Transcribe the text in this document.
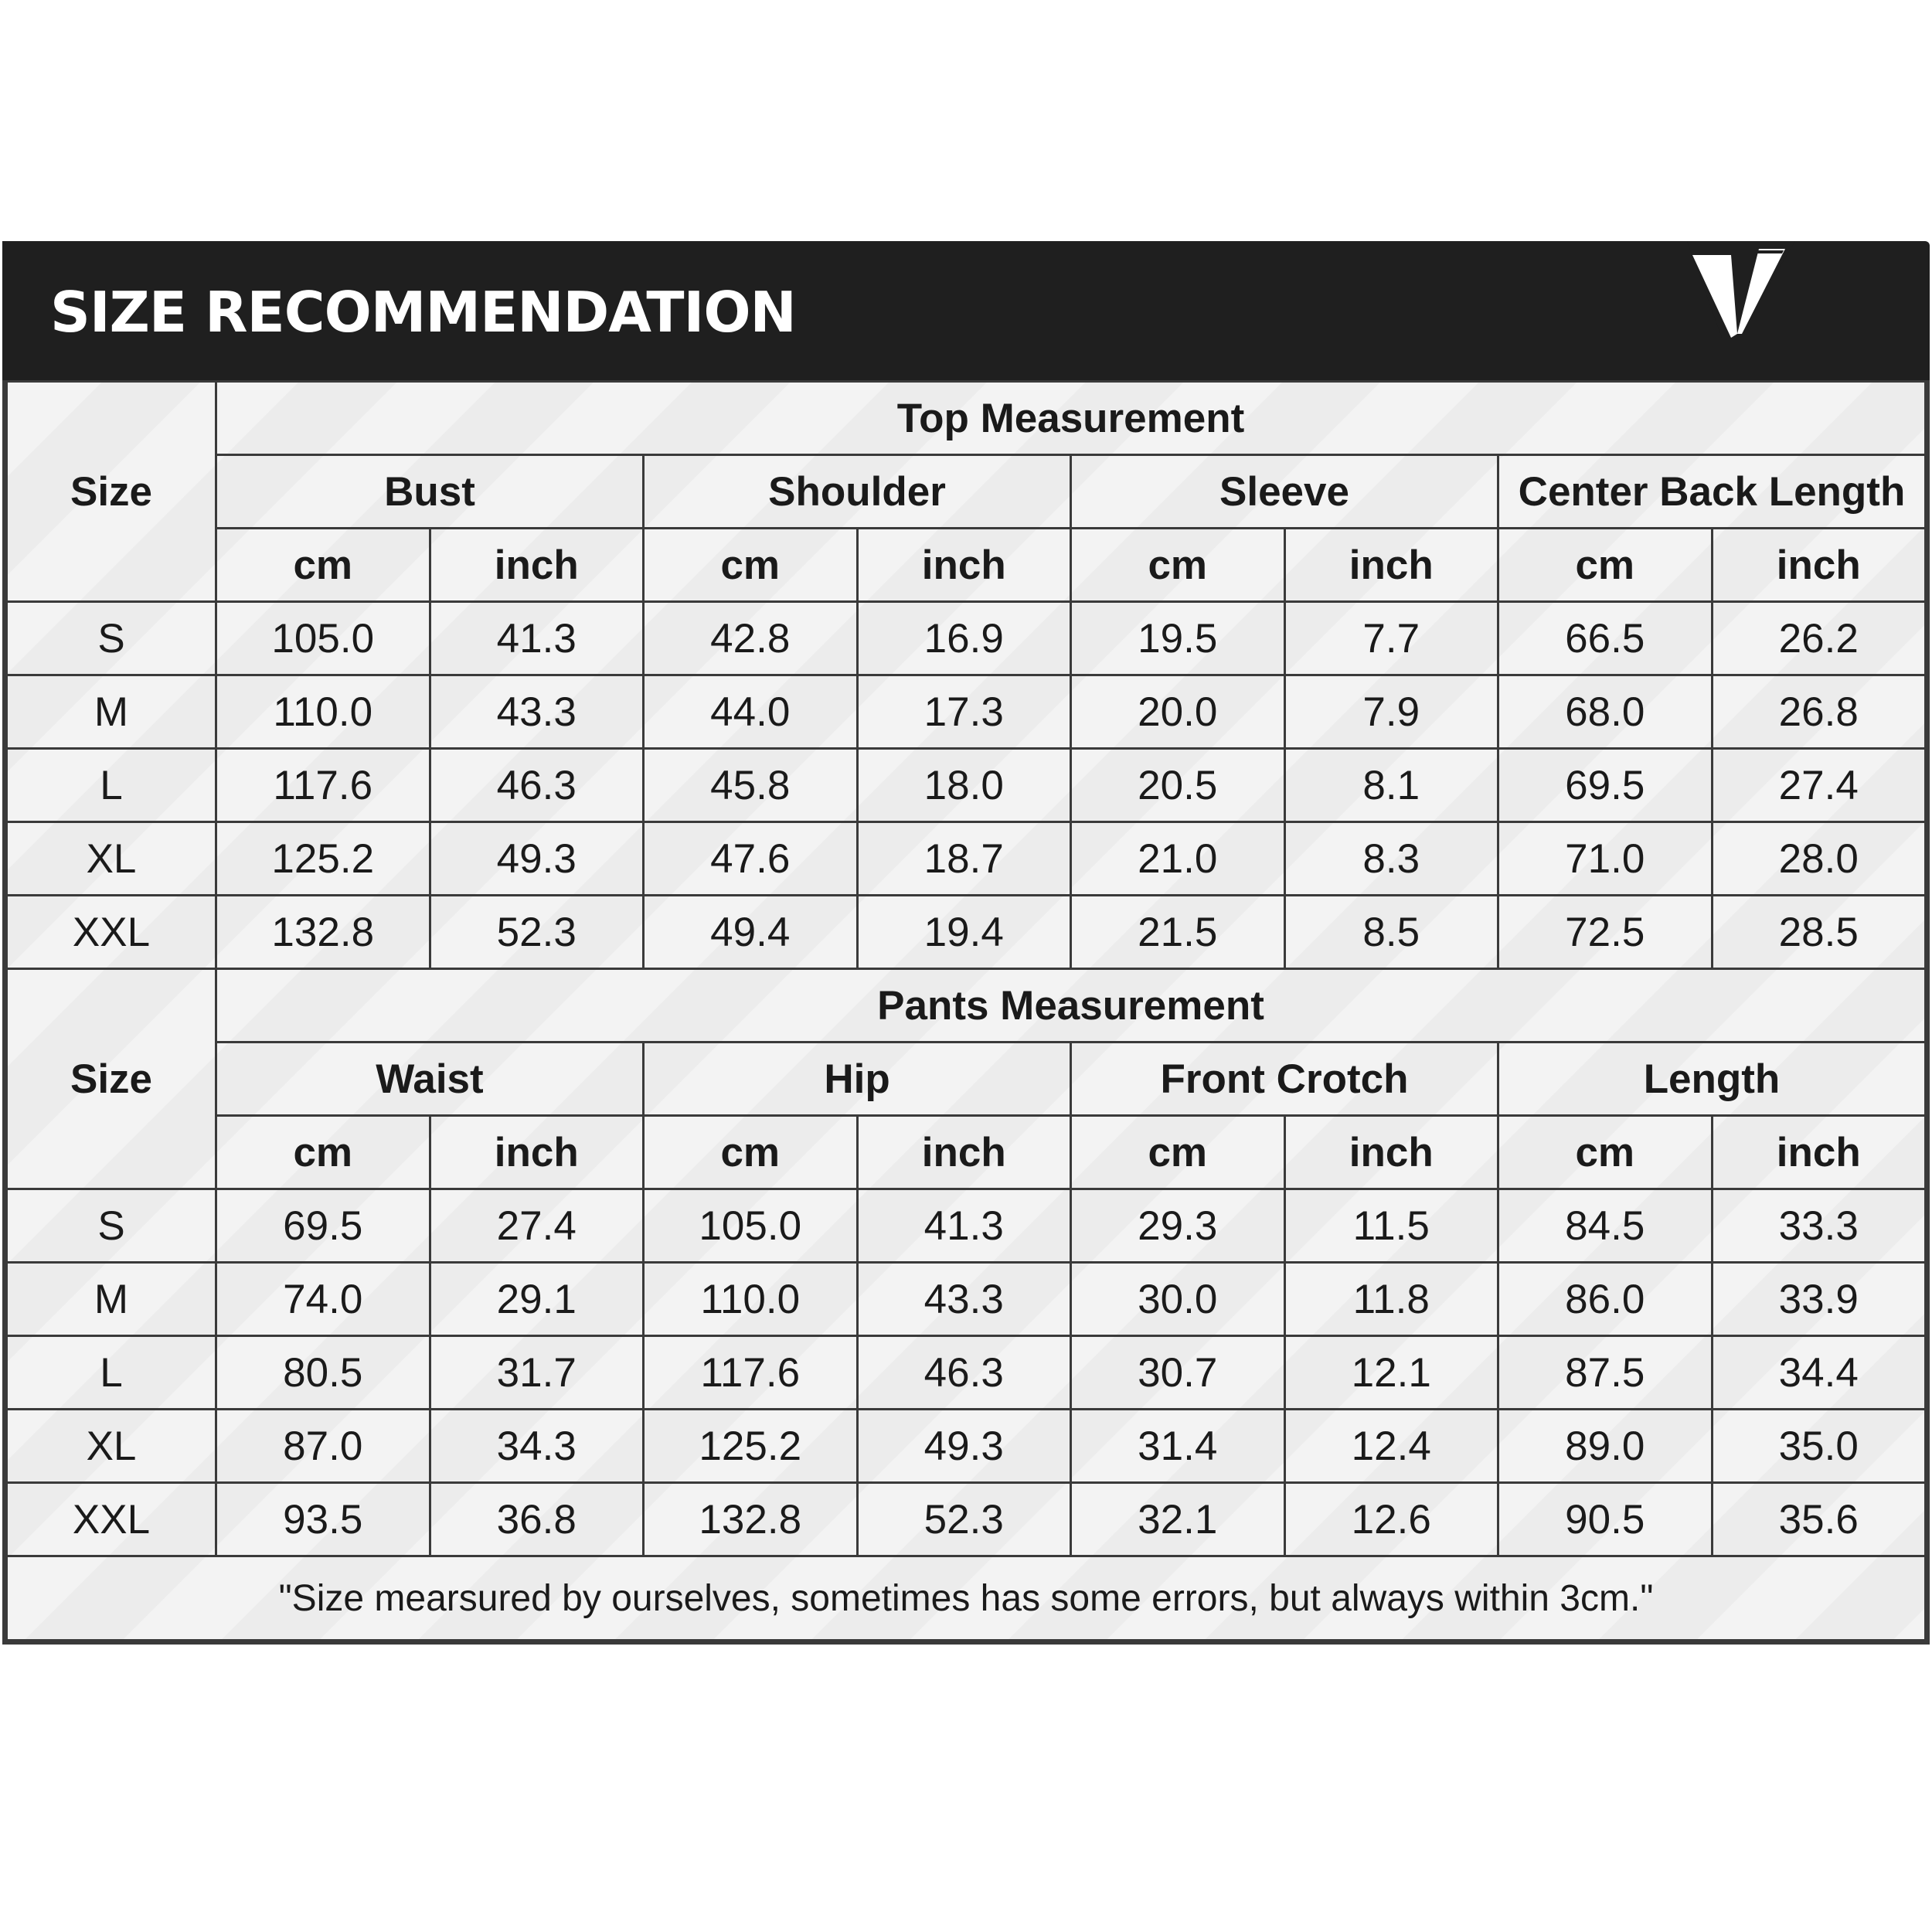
SIZE RECOMMENDATION
Size	Top Measurement							
	Bust		Shoulder		Sleeve		Center Back Length	
	cm	inch	cm	inch	cm	inch	cm	inch
S	105.0	41.3	42.8	16.9	19.5	7.7	66.5	26.2
M	110.0	43.3	44.0	17.3	20.0	7.9	68.0	26.8
L	117.6	46.3	45.8	18.0	20.5	8.1	69.5	27.4
XL	125.2	49.3	47.6	18.7	21.0	8.3	71.0	28.0
XXL	132.8	52.3	49.4	19.4	21.5	8.5	72.5	28.5
Size	Pants Measurement							
	Waist		Hip		Front Crotch		Length	
	cm	inch	cm	inch	cm	inch	cm	inch
S	69.5	27.4	105.0	41.3	29.3	11.5	84.5	33.3
M	74.0	29.1	110.0	43.3	30.0	11.8	86.0	33.9
L	80.5	31.7	117.6	46.3	30.7	12.1	87.5	34.4
XL	87.0	34.3	125.2	49.3	31.4	12.4	89.0	35.0
XXL	93.5	36.8	132.8	52.3	32.1	12.6	90.5	35.6
"Size mearsured by ourselves, sometimes has some errors, but always within 3cm."								
